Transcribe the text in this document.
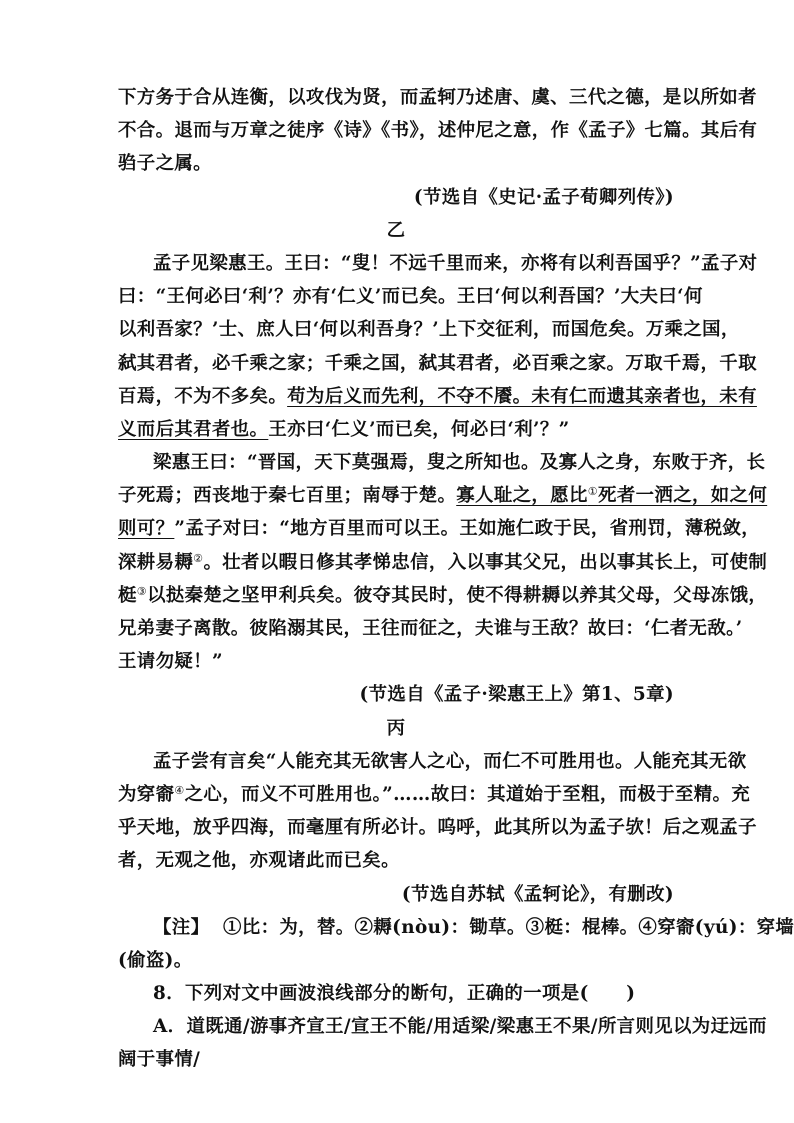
下方务于合从连衡，以攻伐为贤，而孟轲乃述唐、虞、三代之德，是以所如者
不合。退而与万章之徒序《诗》《书》，述仲尼之意，作《孟子》七篇。其后有
驺子之属。
(节选自《史记·孟子荀卿列传》)
乙
孟子见梁惠王。王曰：“叟！不远千里而来，亦将有以利吾国乎？”孟子对
曰：“王何必曰‘利’？亦有‘仁义’而已矣。王曰‘何以利吾国？’大夫曰‘何
以利吾家？’士、庶人曰‘何以利吾身？’上下交征利，而国危矣。万乘之国，
弑其君者，必千乘之家；千乘之国，弑其君者，必百乘之家。万取千焉，千取
百焉，不为不多矣。苟为后义而先利，不夺不餍。未有仁而遗其亲者也，未有
义而后其君者也。王亦曰‘仁义’而已矣，何必曰‘利’？”
梁惠王曰：“晋国，天下莫强焉，叟之所知也。及寡人之身，东败于齐，长
子死焉；西丧地于秦七百里；南辱于楚。寡人耻之，愿比①死者一洒之，如之何
则可？”孟子对曰：“地方百里而可以王。王如施仁政于民，省刑罚，薄税敛，
深耕易耨②。壮者以暇日修其孝悌忠信，入以事其父兄，出以事其长上，可使制
梃③以挞秦楚之坚甲利兵矣。彼夺其民时，使不得耕耨以养其父母，父母冻饿，
兄弟妻子离散。彼陷溺其民，王往而征之，夫谁与王敌？故曰：‘仁者无敌。’
王请勿疑！”
(节选自《孟子·梁惠王上》第1、5章)
丙
孟子尝有言矣“人能充其无欲害人之心，而仁不可胜用也。人能充其无欲
为穿窬④之心，而义不可胜用也。”……故曰：其道始于至粗，而极于至精。充
乎天地，放乎四海，而毫厘有所必计。呜呼，此其所以为孟子欤！后之观孟子
者，无观之他，亦观诸此而已矣。
(节选自苏轼《孟轲论》，有删改)
【注】 ①比：为，替。②耨(nòu)：锄草。③梃：棍棒。④穿窬(yú)：穿墙
(偷盗)。
8．下列对文中画波浪线部分的断句，正确的一项是(　　)
A．道既通/游事齐宣王/宣王不能/用适梁/梁惠王不果/所言则见以为迂远而
阔于事情/
